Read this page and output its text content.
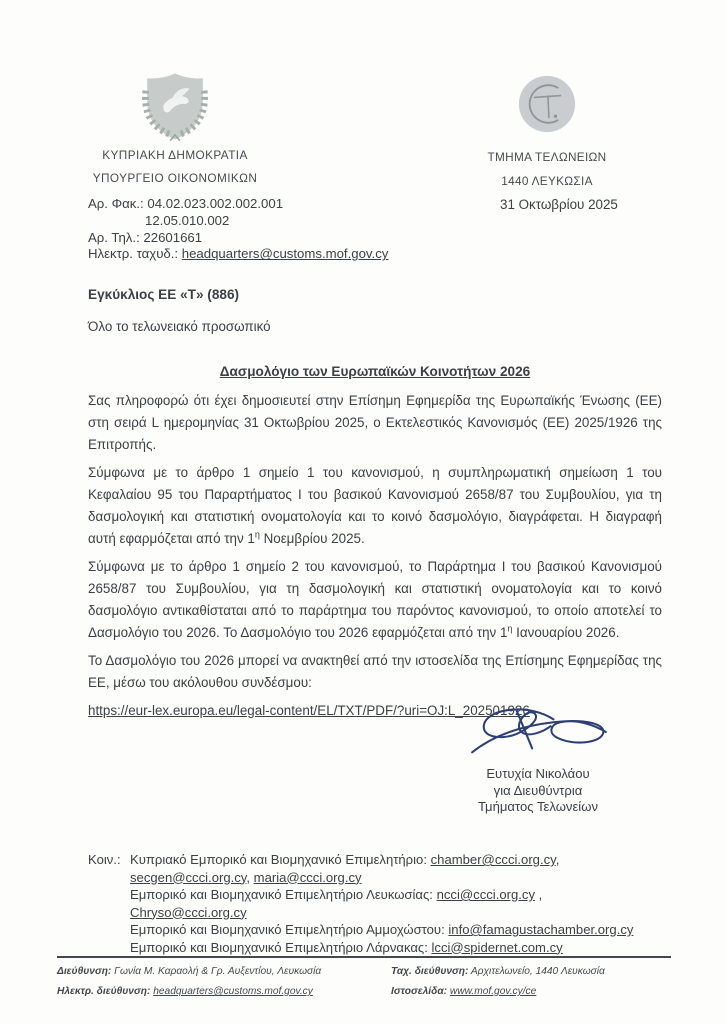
ΚΥΠΡΙΑΚΗ ΔΗΜΟΚΡΑΤΙΑ
ΥΠΟΥΡΓΕΙΟ ΟΙΚΟΝΟΜΙΚΩΝ
ΤΜΗΜΑ ΤΕΛΩΝΕΙΩΝ
1440 ΛΕΥΚΩΣΙΑ
Αρ. Φακ.: 04.02.023.002.002.001
12.05.010.002
Αρ. Τηλ.: 22601661
Ηλεκτρ. ταχυδ.: headquarters@customs.mof.gov.cy
31 Οκτωβρίου 2025
Εγκύκλιος ΕΕ «Τ» (886)
Όλο το τελωνειακό προσωπικό
Δασμολόγιο των Ευρωπαϊκών Κοινοτήτων 2026

Σας πληροφορώ ότι έχει δημοσιευτεί στην Επίσημη Εφημερίδα της Ευρωπαϊκής Ένωσης (ΕΕ) στη σειρά L ημερομηνίας 31 Οκτωβρίου 2025, ο Εκτελεστικός Κανονισμός (ΕΕ) 2025/1926 της Επιτροπής.

Σύμφωνα με το άρθρο 1 σημείο 1 του κανονισμού, η συμπληρωματική σημείωση 1 του Κεφαλαίου 95 του Παραρτήματος Ι του βασικού Κανονισμού 2658/87 του Συμβουλίου, για τη δασμολογική και στατιστική ονοματολογία και το κοινό δασμολόγιο, διαγράφεται. Η διαγραφή αυτή εφαρμόζεται από την $1^\eta$ Νοεμβρίου 2025.

Σύμφωνα με το άρθρο 1 σημείο 2 του κανονισμού, το Παράρτημα Ι του βασικού Κανονισμού 2658/87 του Συμβουλίου, για τη δασμολογική και στατιστική ονοματολογία και το κοινό δασμολόγιο αντικαθίσταται από το παράρτημα του παρόντος κανονισμού, το οποίο αποτελεί το Δασμολόγιο του 2026. Το Δασμολόγιο του 2026 εφαρμόζεται από την $1^\eta$ Ιανουαρίου 2026.

Το Δασμολόγιο του 2026 μπορεί να ανακτηθεί από την ιστοσελίδα της Επίσημης Εφημερίδας της ΕΕ, μέσω του ακόλουθου συνδέσμου:

https://eur-lex.europa.eu/legal-content/EL/TXT/PDF/?uri=OJ:L_202501926

Ευτυχία Νικολάου
για Διευθύντρια
Τμήματος Τελωνείων
Κοιν.: Κυπριακό Εμπορικό και Βιομηχανικό Επιμελητήριο: chamber@ccci.org.cy,
secgen@ccci.org.cy, maria@ccci.org.cy
Εμπορικό και Βιομηχανικό Επιμελητήριο Λευκωσίας: ncci@ccci.org.cy ,
Chryso@ccci.org.cy
Εμπορικό και Βιομηχανικό Επιμελητήριο Αμμοχώστου: info@famagustachamber.org.cy
Εμπορικό και Βιομηχανικό Επιμελητήριο Λάρνακας: lcci@spidernet.com.cy
Διεύθυνση: Γωνία Μ. Καραολή & Γρ. Αυξεντίου, Λευκωσία	Ταχ. διεύθυνση: Αρχιτελωνείο, 1440 Λευκωσία
Ηλεκτρ. διεύθυνση: headquarters@customs.mof.gov.cy	Ιστοσελίδα: www.mof.gov.cy/ce
